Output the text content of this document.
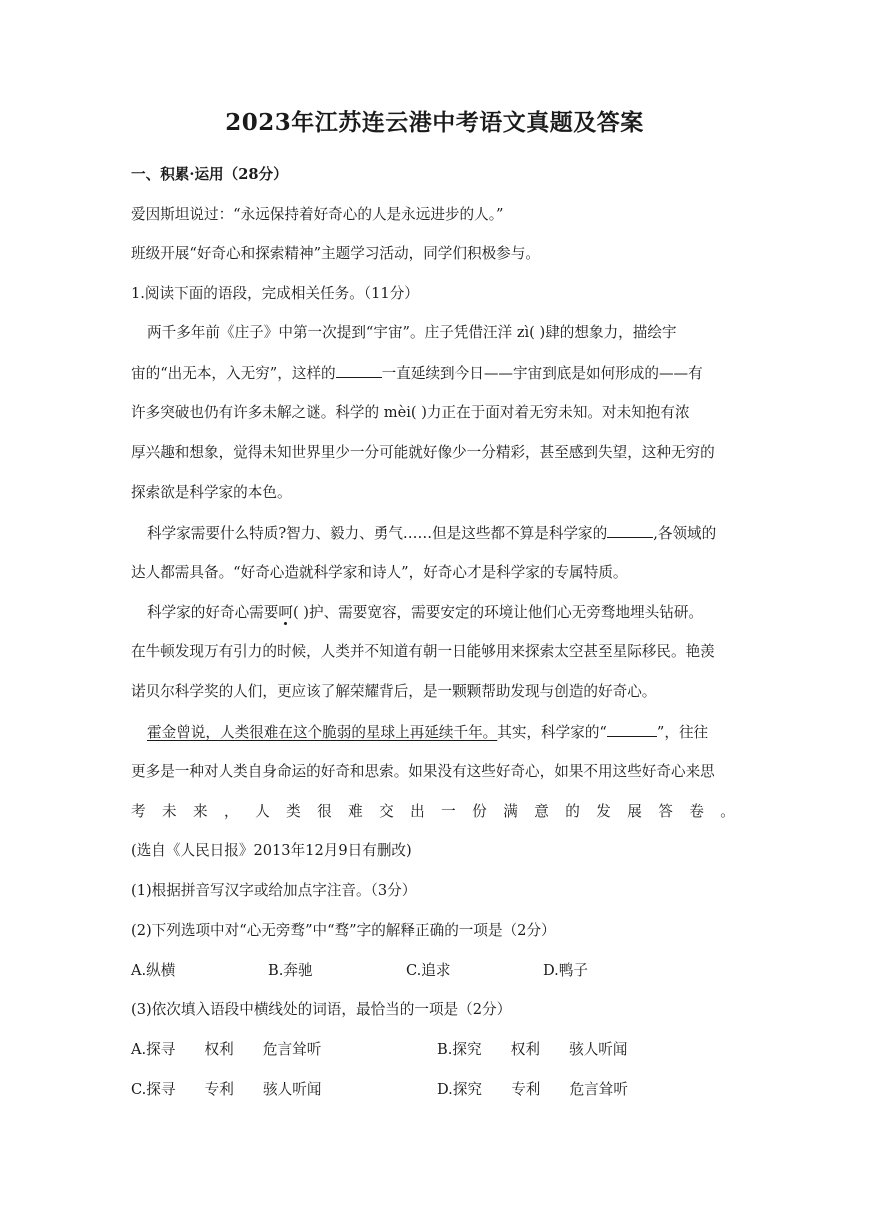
2023年江苏连云港中考语文真题及答案
一、积累·运用（28分）
爱因斯坦说过：“永远保持着好奇心的人是永远进步的人。”
班级开展“好奇心和探索精神”主题学习活动，同学们积极参与。
1.阅读下面的语段，完成相关任务。（11分）
两千多年前《庄子》中第一次提到“宇宙”。庄子凭借汪洋 zì( )肆的想象力，描绘宇
宙的“出无本，入无穷”，这样的	一直延续到今日——宇宙到底是如何形成的——有
许多突破也仍有许多未解之谜。科学的 mèi( )力正在于面对着无穷未知。对未知抱有浓
厚兴趣和想象，觉得未知世界里少一分可能就好像少一分精彩，甚至感到失望，这种无穷的
探索欲是科学家的本色。
科学家需要什么特质?智力、毅力、勇气……但是这些都不算是科学家的	,各领域的
达人都需具备。“好奇心造就科学家和诗人”，好奇心才是科学家的专属特质。
科学家的好奇心需要呵( )护、需要宽容，需要安定的环境让他们心无旁骛地埋头钻研。
在牛顿发现万有引力的时候，人类并不知道有朝一日能够用来探索太空甚至星际移民。艳羡
诺贝尔科学奖的人们，更应该了解荣耀背后，是一颗颗帮助发现与创造的好奇心。
霍金曾说，人类很难在这个脆弱的星球上再延续千年。其实，科学家的“	”，往往
更多是一种对人类自身命运的好奇和思索。如果没有这些好奇心，如果不用这些好奇心来思
考 未 来 ， 人 类 很 难 交 出 一 份 满 意 的 发 展 答 卷 。
(选自《人民日报》2013年12月9日有删改)
(1)根据拼音写汉字或给加点字注音。（3分）
(2)下列选项中对“心无旁骛”中“骛”字的解释正确的一项是（2分）
A.纵横	B.奔驰	C.追求	D.鸭子
(3)依次填入语段中横线处的词语，最恰当的一项是（2分）
A.探寻　　权利　　危言耸听	B.探究　　权利　　骇人听闻
C.探寻　　专利　　骇人听闻	D.探究　　专利　　危言耸听
